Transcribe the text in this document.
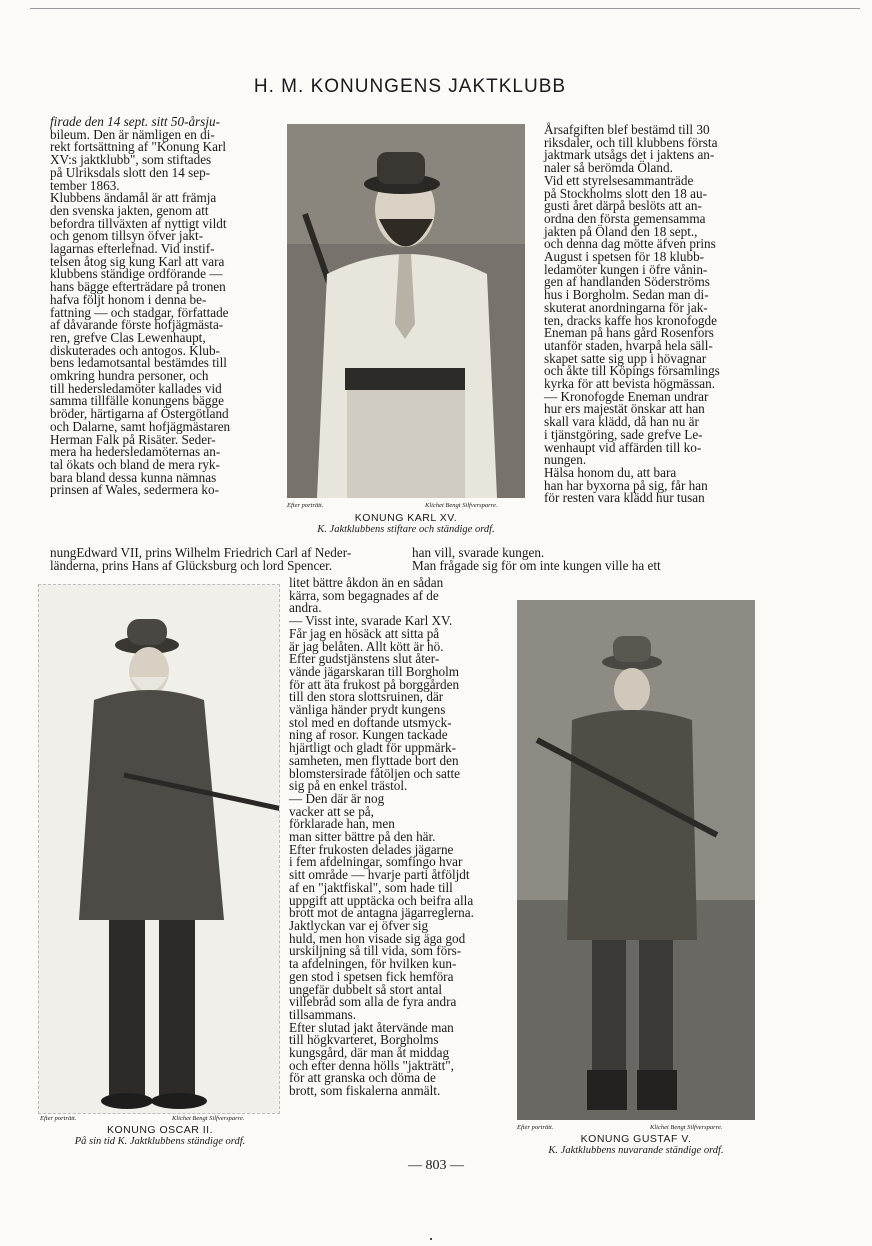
H. M. KONUNGENS JAKTKLUBB
firade den 14 sept. sitt 50-årsju-
bileum. Den är nämligen en di-
rekt fortsättning af "Konung Karl
XV:s jaktklubb", som stiftades
på Ulriksdals slott den 14 sep-
tember 1863.
Klubbens ändamål är att främja
den svenska jakten, genom att
befordra tillväxten af nyttigt vildt
och genom tillsyn öfver jakt-
lagarnas efterlefnad. Vid instif-
telsen åtog sig kung Karl att vara
klubbens ständige ordförande —
hans bägge efterträdare på tronen
hafva följt honom i denna be-
fattning — och stadgar, författade
af dåvarande förste hofjägmästa-
ren, grefve Clas Lewenhaupt,
diskuterades och antogos. Klub-
bens ledamotsantal bestämdes till
omkring hundra personer, och
till hedersledamöter kallades vid
samma tillfälle konungens bägge
bröder, härtigarna af Östergötland
och Dalarne, samt hofjägmästaren
Herman Falk på Risäter. Seder-
mera ha hedersledamöternas an-
tal ökats och bland de mera ryk-
bara bland dessa kunna nämnas
prinsen af Wales, sedermera ko-
nungEdward VII, prins Wilhelm Friedrich Carl af Neder-
länderna, prins Hans af Glücksburg och lord Spencer.
Efter porträtt.	Klichet Bengt Silfversparre.
KONUNG KARL XV.
K. Jaktklubbens stiftare och ständige ordf.
Årsafgiften blef bestämd till 30
riksdaler, och till klubbens första
jaktmark utsågs det i jaktens an-
naler så berömda Öland.
Vid ett styrelsesammanträde
på Stockholms slott den 18 au-
gusti året därpå beslöts att an-
ordna den första gemensamma
jakten på Öland den 18 sept.,
och denna dag mötte äfven prins
August i spetsen för 18 klubb-
ledamöter kungen i öfre vånin-
gen af handlanden Söderströms
hus i Borgholm. Sedan man di-
skuterat anordningarna för jak-
ten, dracks kaffe hos kronofogde
Eneman på hans gård Rosenfors
utanför staden, hvarpå hela säll-
skapet satte sig upp i hövagnar
och åkte till Köpings församlings
kyrka för att bevista högmässan.
— Kronofogde Eneman undrar
hur ers majestät önskar att han
skall vara klädd, då han nu är
i tjänstgöring, sade grefve Le-
wenhaupt vid affärden till ko-
nungen.
Hälsa honom du, att bara
han har byxorna på sig, får han
för resten vara klädd hur tusan
han vill, svarade kungen.
Man frågade sig för om inte kungen ville ha ett
Efter porträtt.	Klichet Bengt Silfversparre.
KONUNG OSCAR II.
På sin tid K. Jaktklubbens ständige ordf.
litet bättre åkdon än en sådan
kärra, som begagnades af de
andra.
— Visst inte, svarade Karl XV.
Får jag en hösäck att sitta på
är jag belåten. Allt kött är hö.
Efter gudstjänstens slut åter-
vände jägarskaran till Borgholm
för att äta frukost på borggården
till den stora slottsruinen, där
vänliga händer prydt kungens
stol med en doftande utsmyck-
ning af rosor. Kungen tackade
hjärtligt och gladt för uppmärk-
samheten, men flyttade bort den
blomstersirade fåtöljen och satte
sig på en enkel trästol.
— Den där är nog
vacker att se på,
förklarade han, men
man sitter bättre på den här.
Efter frukosten delades jägarne
i fem afdelningar, somfingo hvar
sitt område — hvarje parti åtföljdt
af en "jaktfiskal", som hade till
uppgift att upptäcka och beifra alla
brott mot de antagna jägarreglerna.
Jaktlyckan var ej öfver sig
huld, men hon visade sig äga god
urskiljning så till vida, som förs-
ta afdelningen, för hvilken kun-
gen stod i spetsen fick hemföra
ungefär dubbelt så stort antal
villebråd som alla de fyra andra
tillsammans.
Efter slutad jakt återvände man
till högkvarteret, Borgholms
kungsgård, där man åt middag
och efter denna hölls "jakträtt",
för att granska och döma de
brott, som fiskalerna anmält.
Efter porträtt.	Klichet Bengt Silfversparre.
KONUNG GUSTAF V.
K. Jaktklubbens nuvarande ständige ordf.
— 803 —
